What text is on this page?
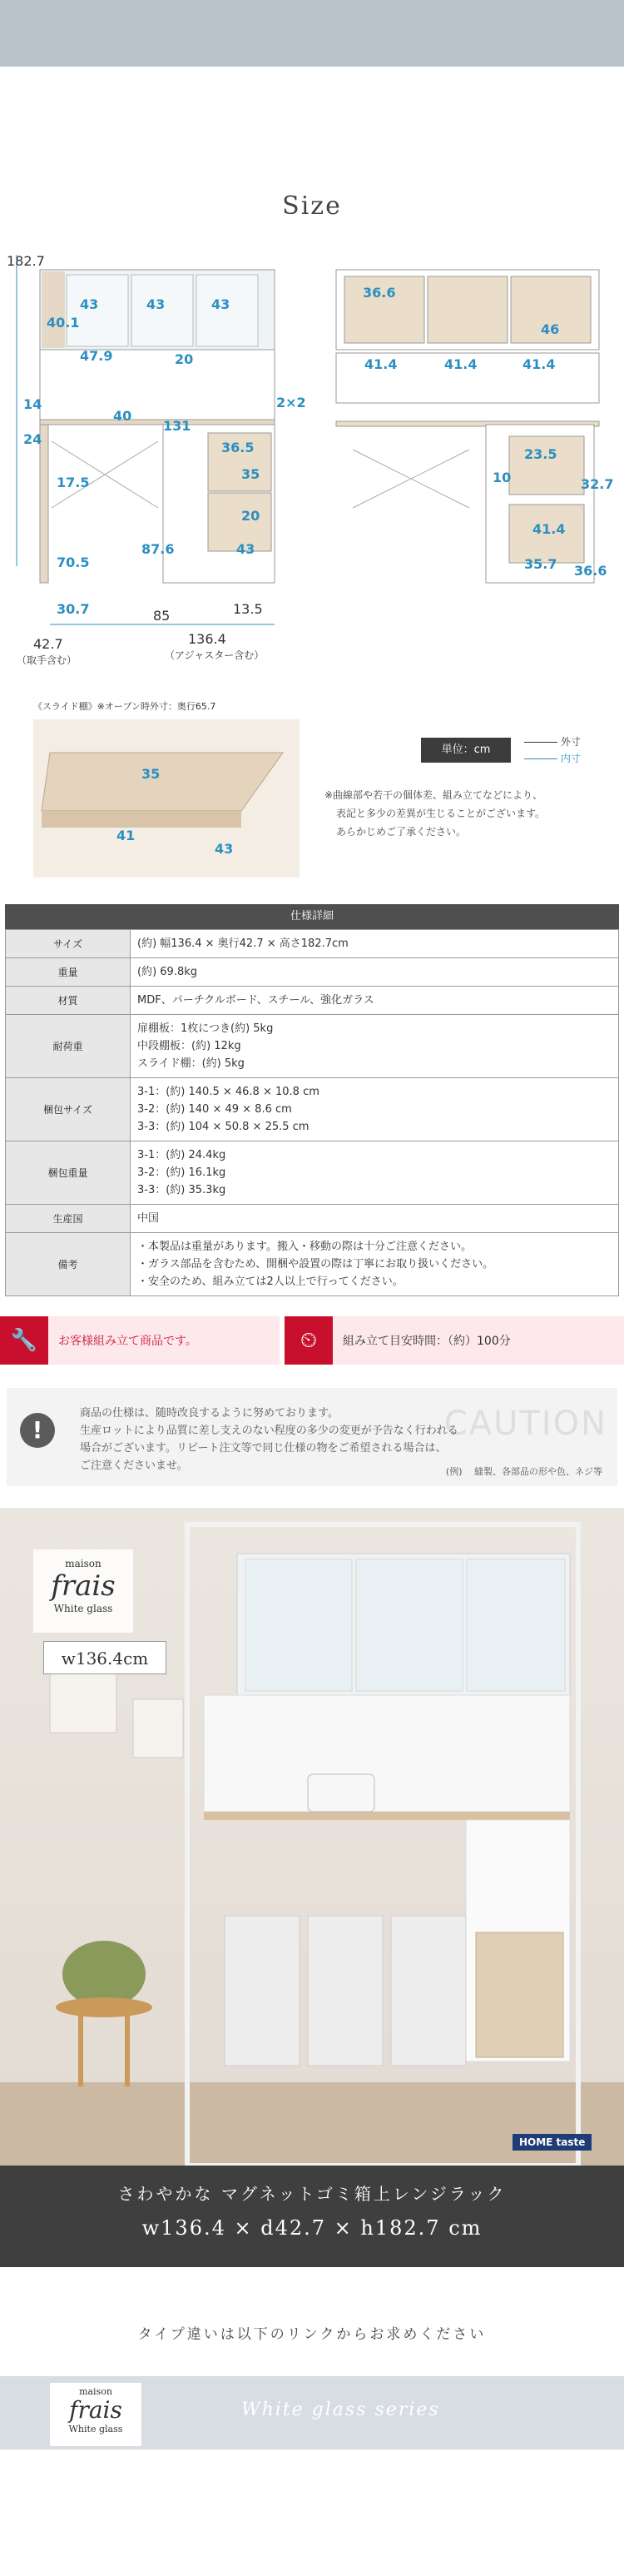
Size
182.7
43	43	43
40.1
47.9	20
14
40
2×2
24
131
36.5
17.5
35
20
70.5
87.6	43
30.7	85	13.5
42.7
（取手含む）
136.4
（アジャスター含む）
36.6
46
41.4	41.4	41.4
23.5
10	32.7
41.4
35.7 36.6
《スライド棚》※オープン時外寸：奥行65.7
35
41
43
単位：cm
外寸
内寸
※曲線部や若干の個体差、組み立てなどにより、
表記と多少の差異が生じることがございます。
あらかじめご了承ください。
仕様詳細
サイズ	(約) 幅136.4 × 奥行42.7 × 高さ182.7cm

重量	(約) 69.8kg

材質	MDF、パーチクルボード、スチール、強化ガラス

耐荷重	扉棚板：1枚につき(約) 5kg
中段棚板：(約) 12kg
スライド棚：(約) 5kg

梱包サイズ	3-1：(約) 140.5 × 46.8 × 10.8 cm
3-2：(約) 140 × 49 × 8.6 cm
3-3：(約) 104 × 50.8 × 25.5 cm

梱包重量	3-1：(約) 24.4kg
3-2：(約) 16.1kg
3-3：(約) 35.3kg

生産国	中国

備考	・本製品は重量があります。搬入・移動の際は十分ご注意ください。
・ガラス部品を含むため、開梱や設置の際は丁寧にお取り扱いください。
・安全のため、組み立ては2人以上で行ってください。
🔧	お客様組み立て商品です。	⏲	組み立て目安時間：（約）100分
CAUTION
!
商品の仕様は、随時改良するように努めております。
生産ロットにより品質に差し支えのない程度の多少の変更が予告なく行われる
場合がございます。リピート注文等で同じ仕様の物をご希望される場合は、
ご注意くださいませ。	(例)　 縫製、各部品の形や色、ネジ等
maison
frais
White glass
w136.4cm
HOME taste
さわやかな マグネットゴミ箱上レンジラック
w136.4 × d42.7 × h182.7 cm
タイプ違いは以下のリンクからお求めください
maison
frais
White glass
White glass series
